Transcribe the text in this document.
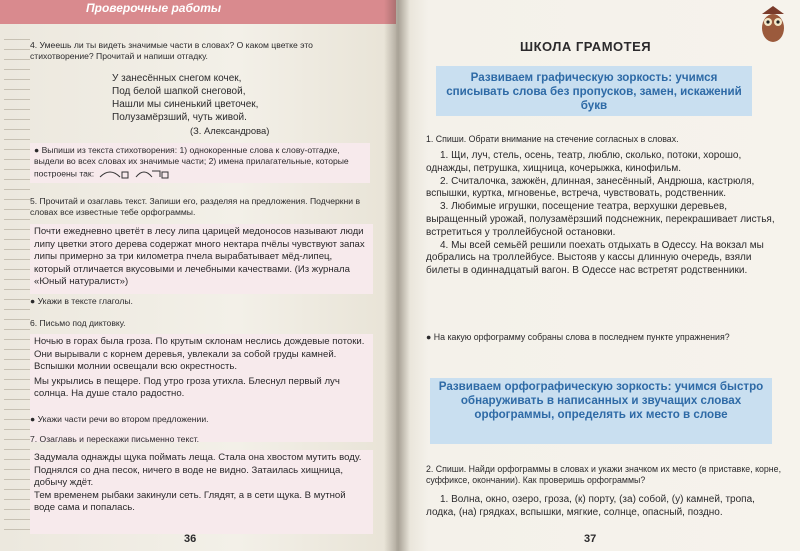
Проверочные работы
4. Умеешь ли ты видеть значимые части в словах? О каком цветке это стихотворение? Прочитай и напиши отгадку.
У занесённых снегом кочек,
Под белой шапкой снеговой,
Нашли мы синенький цветочек,
Полузамёрзший, чуть живой.
(З. Александрова)
● Выпиши из текста стихотворения: 1) однокоренные слова к слову-отгадке, выдели во всех словах их значимые части; 2) имена прилагательные, которые построены так:
5. Прочитай и озаглавь текст. Запиши его, разделяя на предложения. Подчеркни в словах все известные тебе орфограммы.
Почти ежедневно цветёт в лесу липа царицей медоносов называют люди липу цветки этого дерева содержат много нектара пчёлы чувствуют запах липы примерно за три километра пчела вырабатывает мёд-липец, который отличается вкусовыми и лечебными качествами. (Из журнала «Юный натуралист»)
● Укажи в тексте глаголы.
6. Письмо под диктовку.
Ночью в горах была гроза. По крутым склонам неслись дождевые потоки. Они вырывали с корнем деревья, увлекали за собой груды камней. Вспышки молнии освещали всю окрестность.
Мы укрылись в пещере. Под утро гроза утихла. Блеснул первый луч солнца. На душе стало радостно.
● Укажи части речи во втором предложении.
7. Озаглавь и перескажи письменно текст.
Задумала однажды щука поймать леща. Стала она хвостом мутить воду. Поднялся со дна песок, ничего в воде не видно. Затаилась хищница, добычу ждёт.
Тем временем рыбаки закинули сеть. Глядят, а в сети щука. В мутной воде сама и попалась.
36
ШКОЛА ГРАМОТЕЯ
Развиваем графическую зоркость: учимся списывать слова без пропусков, замен, искажений букв
1. Спиши. Обрати внимание на стечение согласных в словах.
1. Щи, луч, стель, осень, театр, люблю, сколько, потоки, хорошо, однажды, петрушка, хищница, кочерыжка, кинофильм.
2. Считалочка, зажжён, длинная, занесённый, Андрюша, кастрюля, вспышки, куртка, мгновенье, встреча, чувствовать, родственник.
3. Любимые игрушки, посещение театра, верхушки деревьев, выращенный урожай, полузамёрзший подснежник, перекрашивает листья, встретиться у троллейбусной остановки.
4. Мы всей семьёй решили поехать отдыхать в Одессу. На вокзал мы добрались на троллейбусе. Выстояв у кассы длинную очередь, взяли билеты в одиннадцатый вагон. В Одессе нас встретят родственники.
● На какую орфограмму собраны слова в последнем пункте упражнения?
Развиваем орфографическую зоркость: учимся быстро обнаруживать в написанных и звучащих словах орфограммы, определять их место в слове
2. Спиши. Найди орфограммы в словах и укажи значком их место (в приставке, корне, суффиксе, окончании). Как проверишь орфограммы?
1. Волна, окно, озеро, гроза, (к) порту, (за) собой, (у) камней, тропа, лодка, (на) грядках, вспышки, мягкие, солнце, опасный, поздно.
37
